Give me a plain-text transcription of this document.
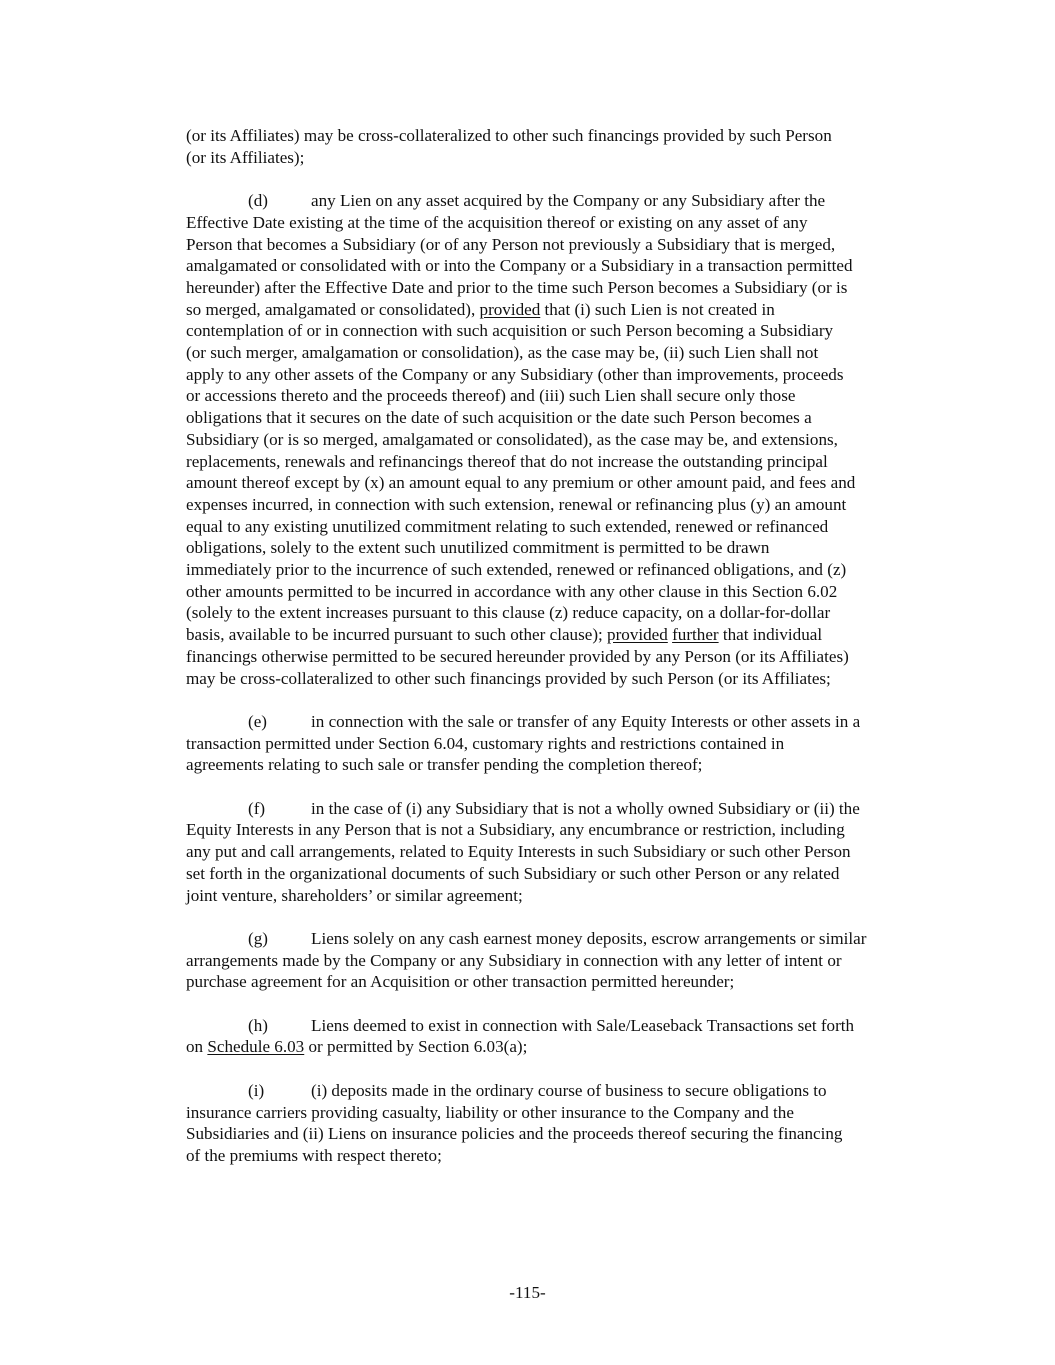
(or its Affiliates) may be cross-collateralized to other such financings provided by such Person
(or its Affiliates);
(d)	any Lien on any asset acquired by the Company or any Subsidiary after the
Effective Date existing at the time of the acquisition thereof or existing on any asset of any
Person that becomes a Subsidiary (or of any Person not previously a Subsidiary that is merged,
amalgamated or consolidated with or into the Company or a Subsidiary in a transaction permitted
hereunder) after the Effective Date and prior to the time such Person becomes a Subsidiary (or is
so merged, amalgamated or consolidated), provided that (i) such Lien is not created in
contemplation of or in connection with such acquisition or such Person becoming a Subsidiary
(or such merger, amalgamation or consolidation), as the case may be, (ii) such Lien shall not
apply to any other assets of the Company or any Subsidiary (other than improvements, proceeds
or accessions thereto and the proceeds thereof) and (iii) such Lien shall secure only those
obligations that it secures on the date of such acquisition or the date such Person becomes a
Subsidiary (or is so merged, amalgamated or consolidated), as the case may be, and extensions,
replacements, renewals and refinancings thereof that do not increase the outstanding principal
amount thereof except by (x) an amount equal to any premium or other amount paid, and fees and
expenses incurred, in connection with such extension, renewal or refinancing plus (y) an amount
equal to any existing unutilized commitment relating to such extended, renewed or refinanced
obligations, solely to the extent such unutilized commitment is permitted to be drawn
immediately prior to the incurrence of such extended, renewed or refinanced obligations, and (z)
other amounts permitted to be incurred in accordance with any other clause in this Section 6.02
(solely to the extent increases pursuant to this clause (z) reduce capacity, on a dollar-for-dollar
basis, available to be incurred pursuant to such other clause); provided further that individual
financings otherwise permitted to be secured hereunder provided by any Person (or its Affiliates)
may be cross-collateralized to other such financings provided by such Person (or its Affiliates;
(e)	in connection with the sale or transfer of any Equity Interests or other assets in a
transaction permitted under Section 6.04, customary rights and restrictions contained in
agreements relating to such sale or transfer pending the completion thereof;
(f)	in the case of (i) any Subsidiary that is not a wholly owned Subsidiary or (ii) the
Equity Interests in any Person that is not a Subsidiary, any encumbrance or restriction, including
any put and call arrangements, related to Equity Interests in such Subsidiary or such other Person
set forth in the organizational documents of such Subsidiary or such other Person or any related
joint venture, shareholders’ or similar agreement;
(g)	Liens solely on any cash earnest money deposits, escrow arrangements or similar
arrangements made by the Company or any Subsidiary in connection with any letter of intent or
purchase agreement for an Acquisition or other transaction permitted hereunder;
(h)	Liens deemed to exist in connection with Sale/Leaseback Transactions set forth
on Schedule 6.03 or permitted by Section 6.03(a);
(i)	(i) deposits made in the ordinary course of business to secure obligations to
insurance carriers providing casualty, liability or other insurance to the Company and the
Subsidiaries and (ii) Liens on insurance policies and the proceeds thereof securing the financing
of the premiums with respect thereto;
-115-
